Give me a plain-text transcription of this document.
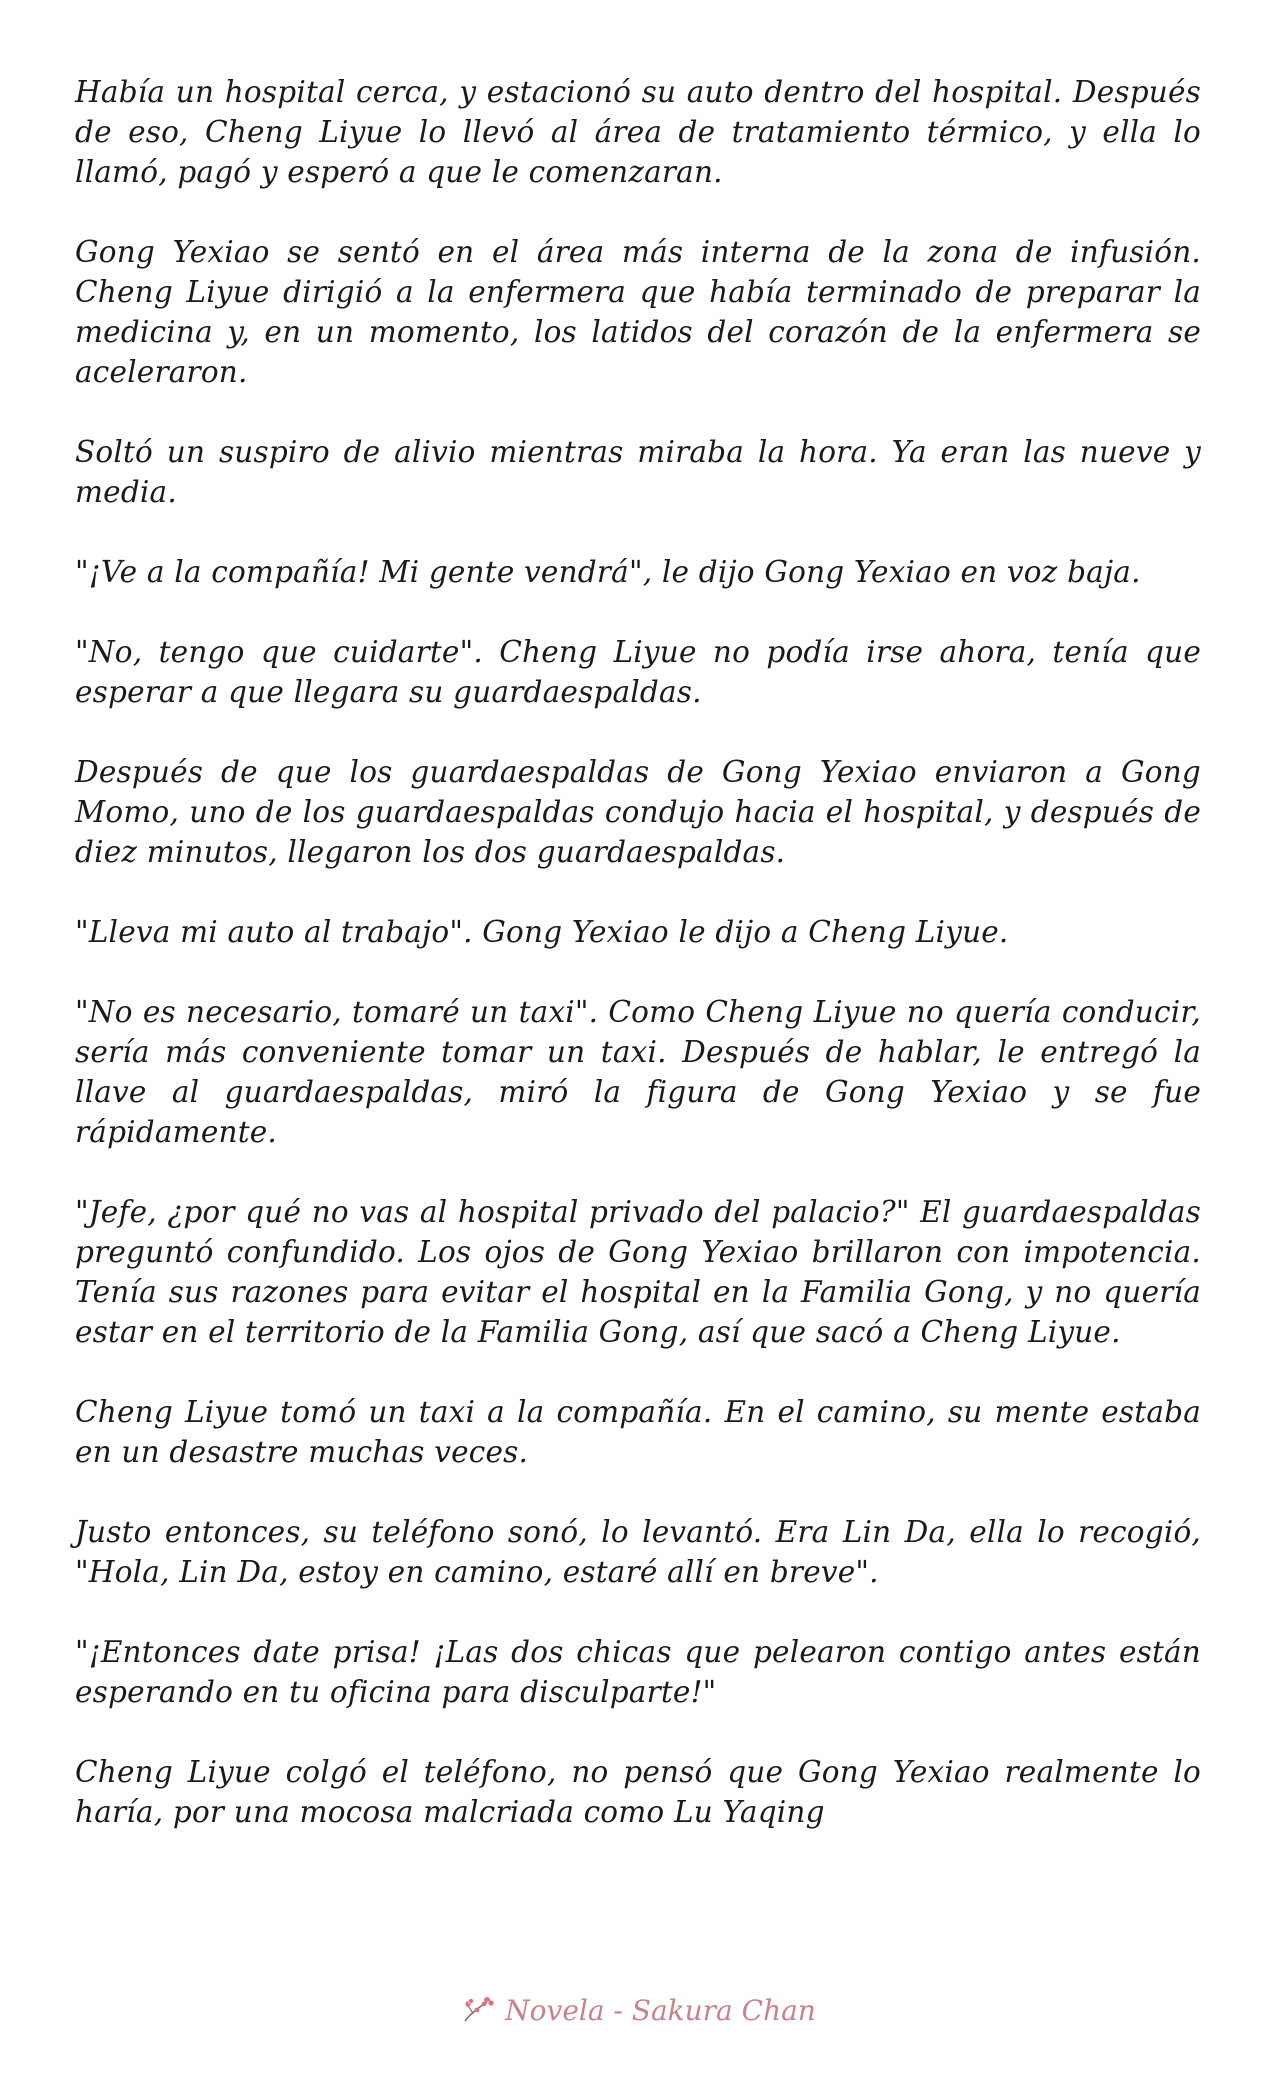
Había un hospital cerca, y estacionó su auto dentro del hospital. Después de eso, Cheng Liyue lo llevó al área de tratamiento térmico, y ella lo llamó, pagó y esperó a que le comenzaran.

Gong Yexiao se sentó en el área más interna de la zona de infusión. Cheng Liyue dirigió a la enfermera que había terminado de preparar la medicina y, en un momento, los latidos del corazón de la enfermera se aceleraron.

Soltó un suspiro de alivio mientras miraba la hora. Ya eran las nueve y media.

"¡Ve a la compañía! Mi gente vendrá", le dijo Gong Yexiao en voz baja.

"No, tengo que cuidarte". Cheng Liyue no podía irse ahora, tenía que esperar a que llegara su guardaespaldas.

Después de que los guardaespaldas de Gong Yexiao enviaron a Gong Momo, uno de los guardaespaldas condujo hacia el hospital, y después de diez minutos, llegaron los dos guardaespaldas.

"Lleva mi auto al trabajo". Gong Yexiao le dijo a Cheng Liyue.

"No es necesario, tomaré un taxi". Como Cheng Liyue no quería conducir, sería más conveniente tomar un taxi. Después de hablar, le entregó la llave al guardaespaldas, miró la figura de Gong Yexiao y se fue rápidamente.

"Jefe, ¿por qué no vas al hospital privado del palacio?" El guardaespaldas preguntó confundido. Los ojos de Gong Yexiao brillaron con impotencia. Tenía sus razones para evitar el hospital en la Familia Gong, y no quería estar en el territorio de la Familia Gong, así que sacó a Cheng Liyue.

Cheng Liyue tomó un taxi a la compañía. En el camino, su mente estaba en un desastre muchas veces.

Justo entonces, su teléfono sonó, lo levantó. Era Lin Da, ella lo recogió, "Hola, Lin Da, estoy en camino, estaré allí en breve".

"¡Entonces date prisa! ¡Las dos chicas que pelearon contigo antes están esperando en tu oficina para disculparte!"

Cheng Liyue colgó el teléfono, no pensó que Gong Yexiao realmente lo haría, por una mocosa malcriada como Lu Yaqing

Novela - Sakura Chan
